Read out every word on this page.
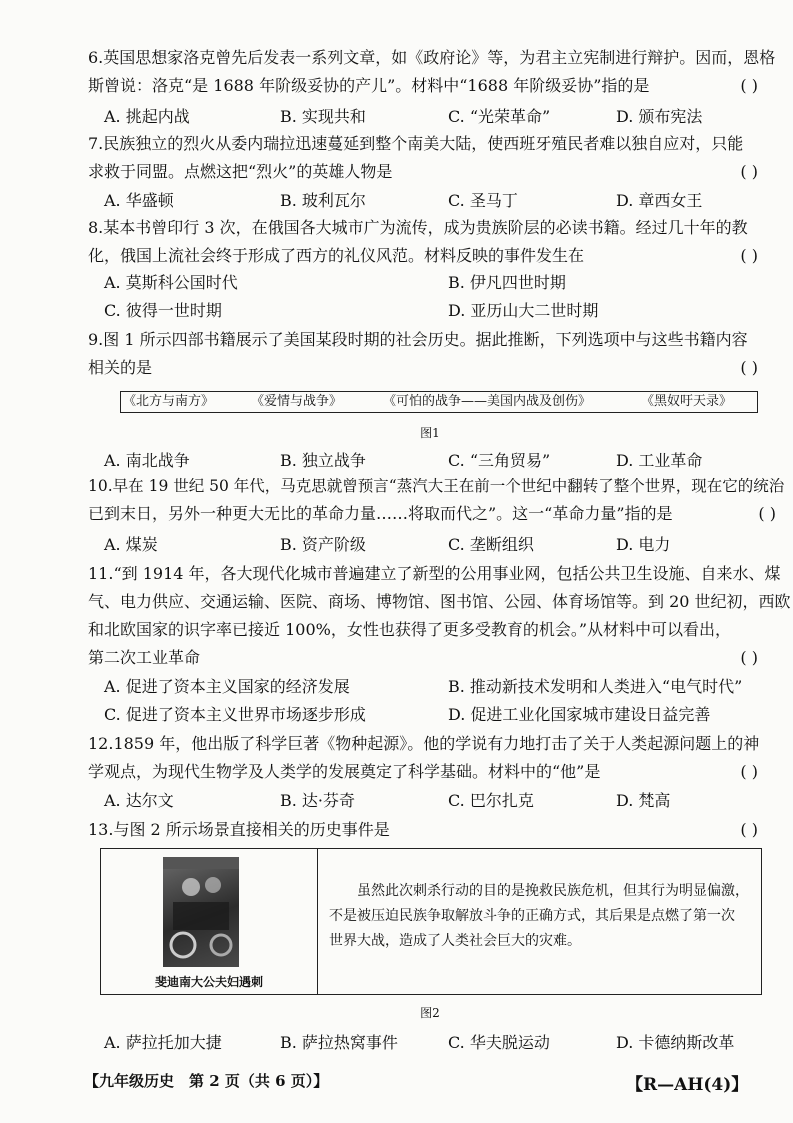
6.英国思想家洛克曾先后发表一系列文章，如《政府论》等，为君主立宪制进行辩护。因而，恩格
斯曾说：洛克“是 1688 年阶级妥协的产儿”。材料中“1688 年阶级妥协”指的是	( )
A. 挑起内战	B. 实现共和	C. “光荣革命”	D. 颁布宪法
7.民族独立的烈火从委内瑞拉迅速蔓延到整个南美大陆，使西班牙殖民者难以独自应对，只能
求救于同盟。点燃这把“烈火”的英雄人物是	( )
A. 华盛顿	B. 玻利瓦尔	C. 圣马丁	D. 章西女王
8.某本书曾印行 3 次，在俄国各大城市广为流传，成为贵族阶层的必读书籍。经过几十年的教
化，俄国上流社会终于形成了西方的礼仪风范。材料反映的事件发生在	( )
A. 莫斯科公国时代	B. 伊凡四世时期
C. 彼得一世时期	D. 亚历山大二世时期
9.图 1 所示四部书籍展示了美国某段时期的社会历史。据此推断，下列选项中与这些书籍内容
相关的是	( )
《北方与南方》	《爱情与战争》	《可怕的战争——美国内战及创伤》	《黑奴吁天录》
图1
A. 南北战争	B. 独立战争	C. “三角贸易”	D. 工业革命
10.早在 19 世纪 50 年代，马克思就曾预言“蒸汽大王在前一个世纪中翻转了整个世界，现在它的统治
已到末日，另外一种更大无比的革命力量……将取而代之”。这一“革命力量”指的是	( )
A. 煤炭	B. 资产阶级	C. 垄断组织	D. 电力
11.“到 1914 年，各大现代化城市普遍建立了新型的公用事业网，包括公共卫生设施、自来水、煤
气、电力供应、交通运输、医院、商场、博物馆、图书馆、公园、体育场馆等。到 20 世纪初，西欧
和北欧国家的识字率已接近 100%，女性也获得了更多受教育的机会。”从材料中可以看出，
第二次工业革命	( )
A. 促进了资本主义国家的经济发展	B. 推动新技术发明和人类进入“电气时代”
C. 促进了资本主义世界市场逐步形成	D. 促进工业化国家城市建设日益完善
12.1859 年，他出版了科学巨著《物种起源》。他的学说有力地打击了关于人类起源问题上的神
学观点，为现代生物学及人类学的发展奠定了科学基础。材料中的“他”是	( )
A. 达尔文	B. 达·芬奇	C. 巴尔扎克	D. 梵高
13.与图 2 所示场景直接相关的历史事件是	( )
斐迪南大公夫妇遇刺
虽然此次刺杀行动的目的是挽救民族危机，但其行为明显偏激，
不是被压迫民族争取解放斗争的正确方式，其后果是点燃了第一次
世界大战，造成了人类社会巨大的灾难。
图2
A. 萨拉托加大捷	B. 萨拉热窝事件	C. 华夫脱运动	D. 卡德纳斯改革
【九年级历史　第 2 页（共 6 页）】	【R—AH(4)】
